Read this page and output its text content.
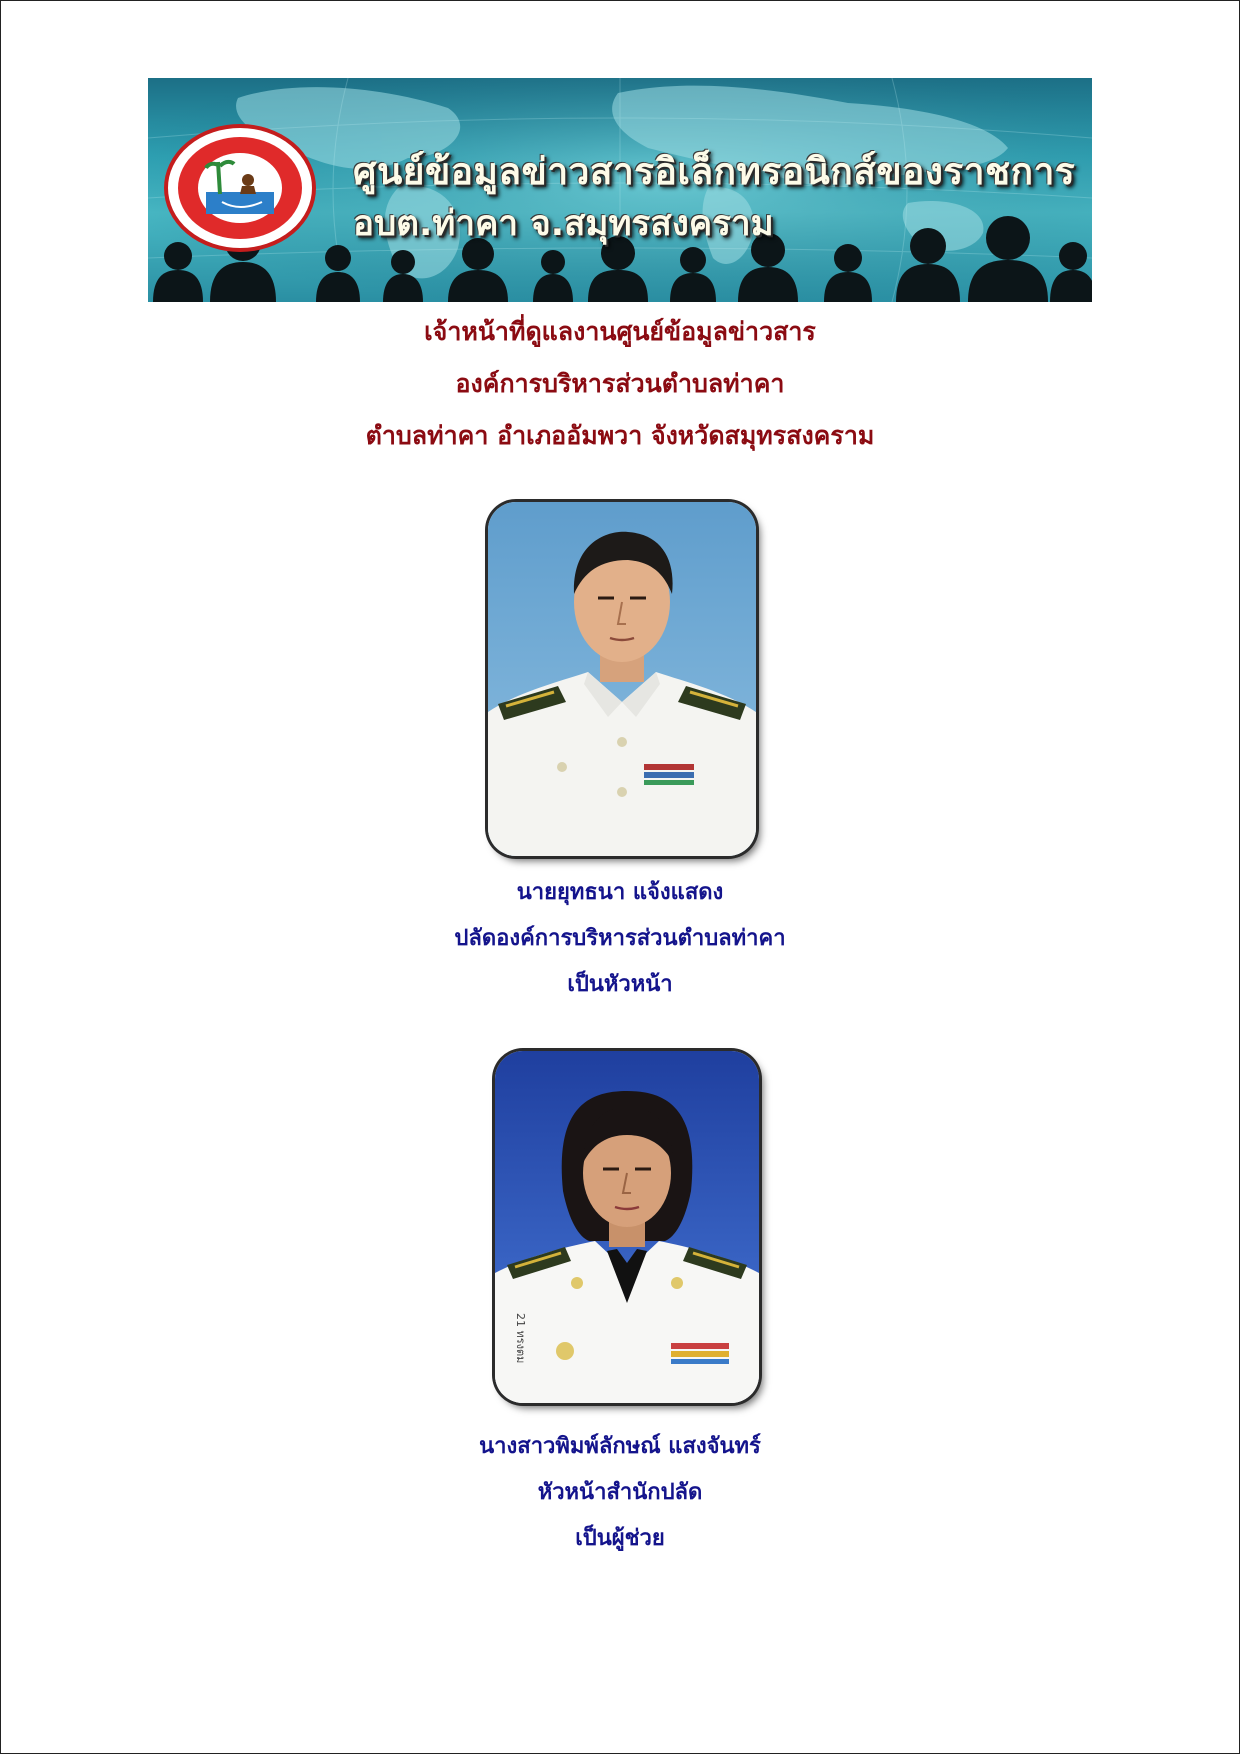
ศูนย์ข้อมูลข่าวสารอิเล็กทรอนิกส์ของราชการ
อบต.ท่าคา จ.สมุทรสงคราม
เจ้าหน้าที่ดูแลงานศูนย์ข้อมูลข่าวสาร
องค์การบริหารส่วนตำบลท่าคา
ตำบลท่าคา อำเภออัมพวา จังหวัดสมุทรสงคราม
นายยุทธนา แจ้งแสดง
ปลัดองค์การบริหารส่วนตำบลท่าคา
เป็นหัวหน้า
21 ทรงตม
นางสาวพิมพ์ลักษณ์ แสงจันทร์
หัวหน้าสำนักปลัด
เป็นผู้ช่วย
